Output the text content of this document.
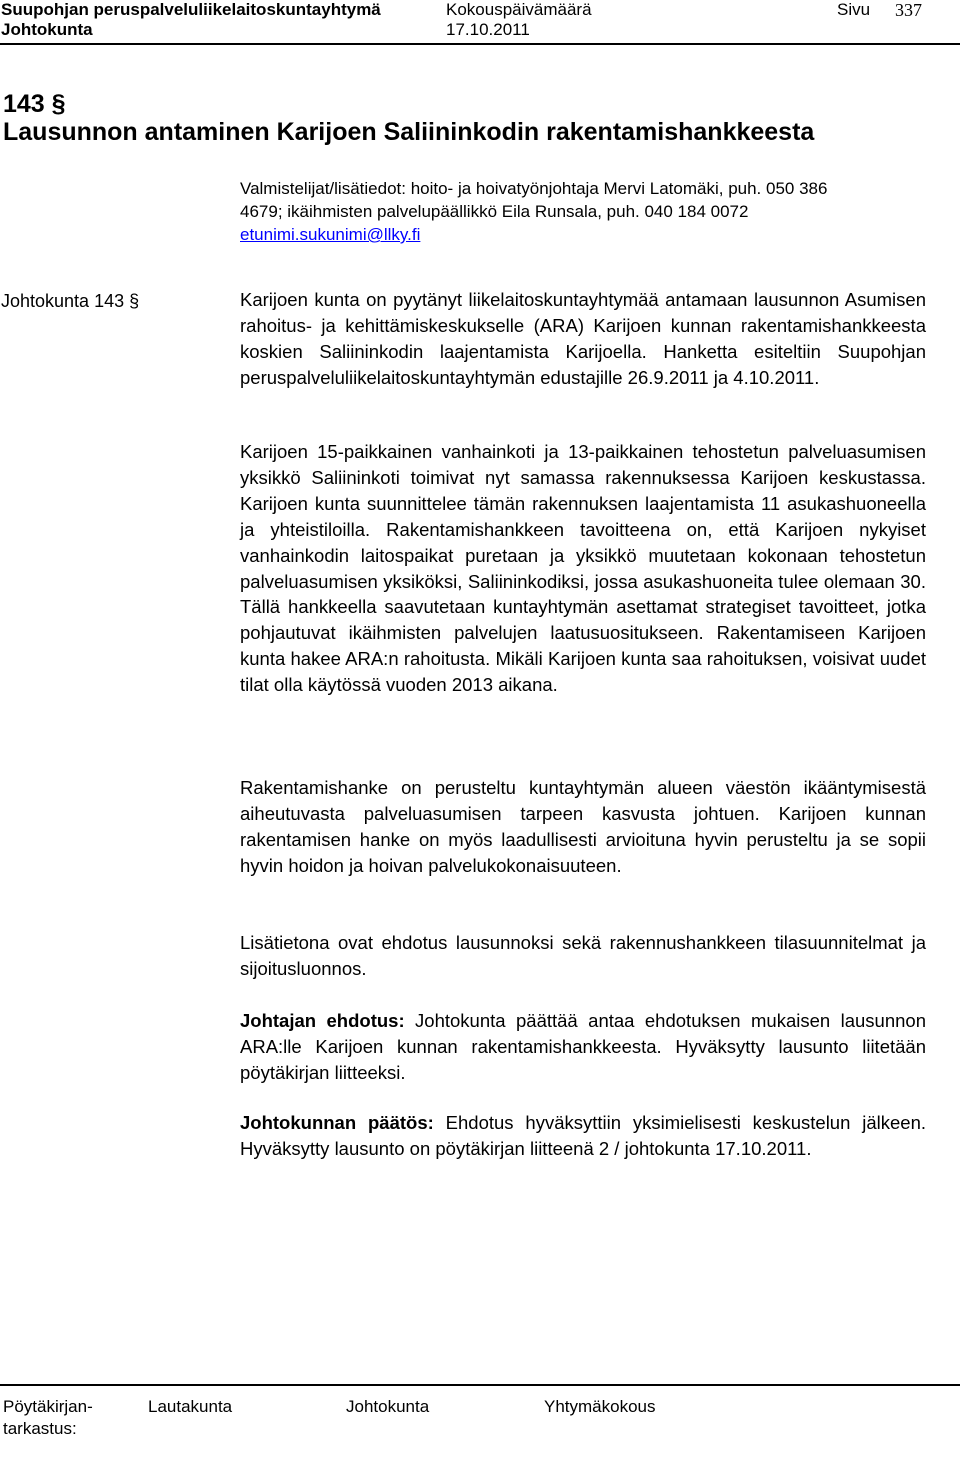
Suupohjan peruspalveluliikelaitoskuntayhtymä	Kokouspäivämäärä	Sivu 337
Johtokunta	17.10.2011
143 §
Lausunnon antaminen Karijoen Saliininkodin rakentamishankkeesta
Valmistelijat/lisätiedot: hoito- ja hoivatyönjohtaja Mervi Latomäki, puh. 050 386
4679; ikäihmisten palvelupäällikkö Eila Runsala, puh. 040 184 0072
etunimi.sukunimi@llky.fi
Johtokunta 143 §	Karijoen kunta on pyytänyt liikelaitoskuntayhtymää antamaan lausunnon Asumisen rahoitus- ja kehittämiskeskukselle (ARA) Karijoen kunnan rakentamishankkeesta koskien Saliininkodin laajentamista Karijoella. Hanketta esiteltiin Suupohjan peruspalveluliikelaitoskuntayhtymän edustajille 26.9.2011 ja 4.10.2011.

Karijoen 15-paikkainen vanhainkoti ja 13-paikkainen tehostetun palveluasumisen yksikkö Saliininkoti toimivat nyt samassa rakennuksessa Karijoen keskustassa. Karijoen kunta suunnittelee tämän rakennuksen laajentamista 11 asukashuoneella ja yhteistiloilla. Rakentamishankkeen tavoitteena on, että Karijoen nykyiset vanhainkodin laitospaikat puretaan ja yksikkö muutetaan kokonaan tehostetun palveluasumisen yksiköksi, Saliininkodiksi, jossa asukashuoneita tulee olemaan 30. Tällä hankkeella saavutetaan kuntayhtymän asettamat strategiset tavoitteet, jotka pohjautuvat ikäihmisten palvelujen laatusuositukseen. Rakentamiseen Karijoen kunta hakee ARA:n rahoitusta. Mikäli Karijoen kunta saa rahoituksen, voisivat uudet tilat olla käytössä vuoden 2013 aikana.

Rakentamishanke on perusteltu kuntayhtymän alueen väestön ikääntymisestä aiheutuvasta palveluasumisen tarpeen kasvusta johtuen. Karijoen kunnan rakentamisen hanke on myös laadullisesti arvioituna hyvin perusteltu ja se sopii hyvin hoidon ja hoivan palvelukokonaisuuteen.

Lisätietona ovat ehdotus lausunnoksi sekä rakennushankkeen tilasuunnitelmat ja sijoitusluonnos.

Johtajan ehdotus: Johtokunta päättää antaa ehdotuksen mukaisen lausunnon ARA:lle Karijoen kunnan rakentamishankkeesta. Hyväksytty lausunto liitetään pöytäkirjan liitteeksi.

Johtokunnan päätös: Ehdotus hyväksyttiin yksimielisesti keskustelun jälkeen. Hyväksytty lausunto on pöytäkirjan liitteenä 2 / johtokunta 17.10.2011.

Pöytäkirjan-
tarkastus:
Lautakunta	Johtokunta	Yhtymäkokous
